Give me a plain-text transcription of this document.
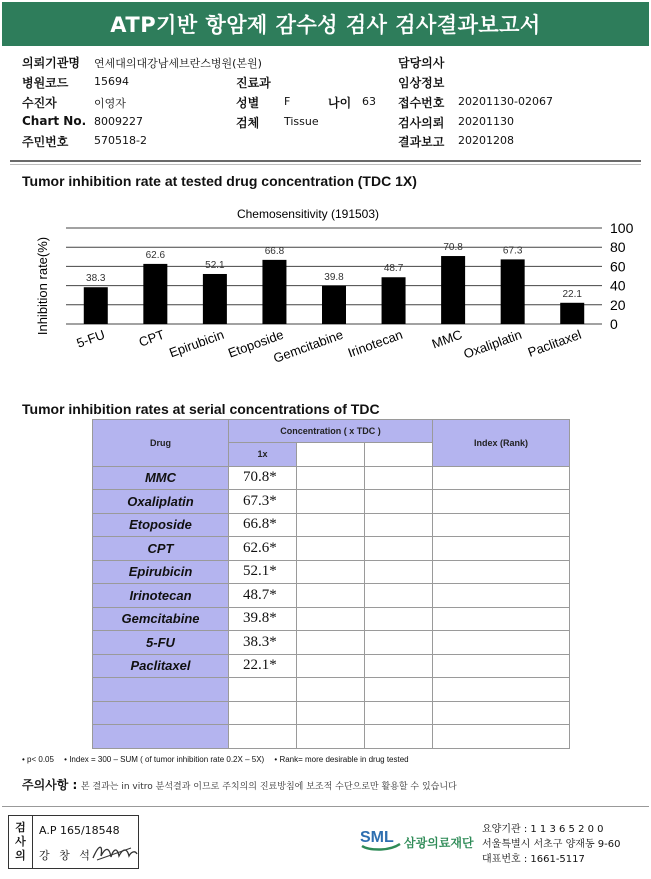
ATP기반 항암제 감수성 검사 검사결과보고서
의뢰기관명 연세대의대강남세브란스병원(본원)
병원코드 15694
수진자	이영자
Chart No. 8009227
주민번호 570518-2
진료과
성별 F	나이 63
검체 Tissue
담당의사
임상정보
접수번호 20201130-02067
검사의뢰 20201130
결과보고 20201208
Tumor inhibition rate at tested drug concentration (TDC 1X)
Chemosensitivity (191503)
38.3
62.6
52.1
66.8
39.8
48.7
70.8	67.3
22.1
0
20
40
60
80
100
5-FU CPT Epirubicin Etoposide
Gemcitabine Irinotecan MMC
Oxaliplatin Paclitaxel
Inhibition rate(%)
Tumor inhibition rates at serial concentrations of TDC
Drug	Concentration ( x TDC )			Index (Rank)
	1x			
MMC	70.8*			
Oxaliplatin	67.3*			
Etoposide	66.8*			
CPT	62.6*			
Epirubicin	52.1*			
Irinotecan	48.7*			
Gemcitabine	39.8*			
5-FU	38.3*			
Paclitaxel	22.1*			

• p< 0.05 • Index = 300 – SUM ( of tumor inhibition rate 0.2X – 5X) • Rank= more desirable in drug tested
주의사항 : 본 결과는 in vitro 분석결과 이므로 주치의의 진료방침에 보조적 수단으로만 활용할 수 있습니다
검
사
의
A.P 165/18548
강 창 석
SML 삼광의료재단
요양기관 : 1 1 3 6 5 2 0 0
서울특별시 서초구 양재동 9-60
대표번호 : 1661-5117
